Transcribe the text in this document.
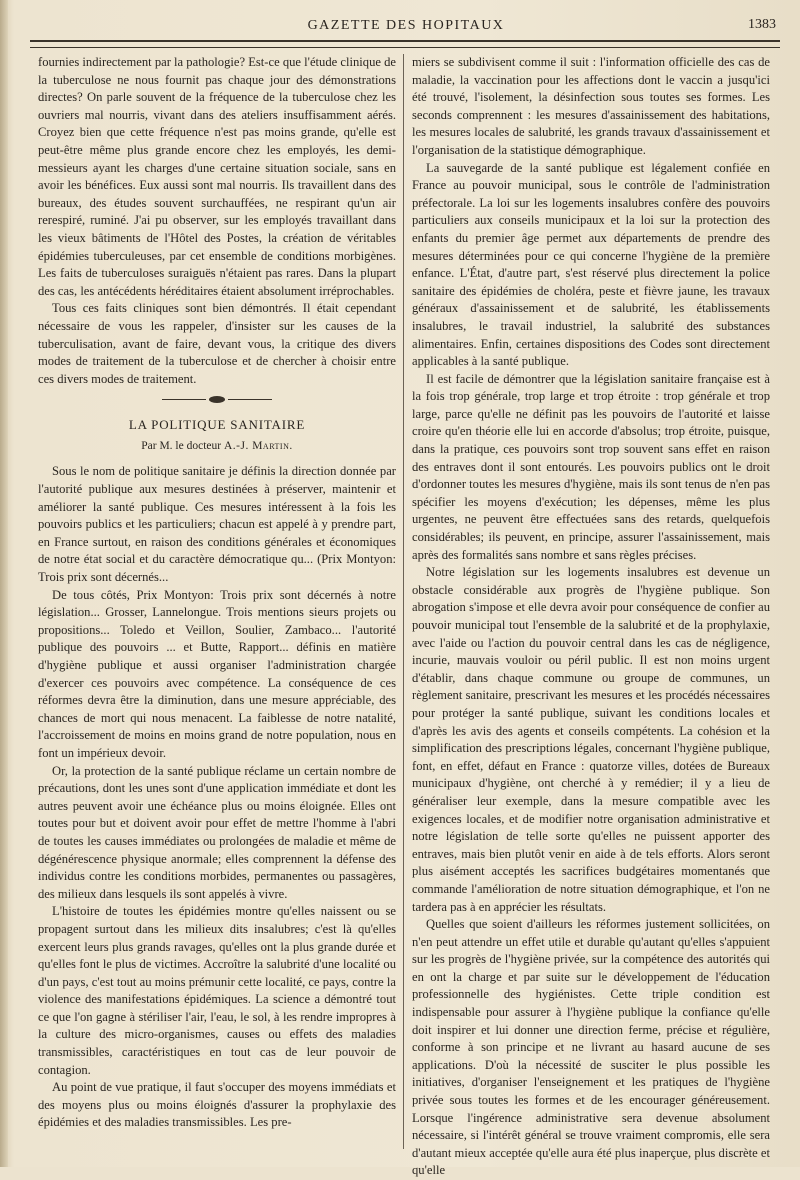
GAZETTE DES HOPITAUX	1383

fournies indirectement par la pathologie? Est-ce que l'étude clinique de la tuberculose ne nous fournit pas chaque jour des démonstrations directes? On parle souvent de la fréquence de la tuberculose chez les ouvriers mal nourris, vivant dans des ateliers insuffisamment aérés. Croyez bien que cette fréquence n'est pas moins grande, qu'elle est peut-être même plus grande encore chez les employés, les demi-messieurs ayant les charges d'une certaine situation sociale, sans en avoir les bénéfices. Eux aussi sont mal nourris. Ils travaillent dans des bureaux, des études souvent surchauffées, ne respirant qu'un air rerespiré, ruminé. J'ai pu observer, sur les employés travaillant dans les vieux bâtiments de l'Hôtel des Postes, la création de véritables épidémies tuberculeuses, par cet ensemble de conditions morbigènes. Les faits de tuberculoses suraiguës n'étaient pas rares. Dans la plupart des cas, les antécédents héréditaires étaient absolument irréprochables.

Tous ces faits cliniques sont bien démontrés. Il était cependant nécessaire de vous les rappeler, d'insister sur les causes de la tuberculisation, avant de faire, devant vous, la critique des divers modes de traitement de la tuberculose et de chercher à choisir entre ces divers modes de traitement.

LA POLITIQUE SANITAIRE
Par M. le docteur A.-J. Martin.

Sous le nom de politique sanitaire je définis la direction donnée par l'autorité publique aux mesures destinées à préserver, maintenir et améliorer la santé publique. Ces mesures intéressent à la fois les pouvoirs publics et les particuliers; chacun est appelé à y prendre part, en France surtout, en raison des conditions générales et économiques de notre état social et du caractère démocratique qu... (Prix Montyon: Trois prix sont décernés...

De tous côtés, Prix Montyon: Trois prix sont décernés à notre législation... Grosser, Lannelongue. Trois mentions sieurs projets ou propositions... Toledo et Veillon, Soulier, Zambaco... l'autorité publique des pouvoirs ... et Butte, Rapport... définis en matière d'hygiène publique et aussi organiser l'administration chargée d'exercer ces pouvoirs avec compétence. La conséquence de ces réformes devra être la diminution, dans une mesure appréciable, des chances de mort qui nous menacent. La faiblesse de notre natalité, l'accroissement de moins en moins grand de notre population, nous en font un impérieux devoir.

Or, la protection de la santé publique réclame un certain nombre de précautions, dont les unes sont d'une application immédiate et dont les autres peuvent avoir une échéance plus ou moins éloignée. Elles ont toutes pour but et doivent avoir pour effet de mettre l'homme à l'abri de toutes les causes immédiates ou prolongées de maladie et même de dégénérescence physique anormale; elles comprennent la défense des individus contre les conditions morbides, permanentes ou passagères, des milieux dans lesquels ils sont appelés à vivre.

L'histoire de toutes les épidémies montre qu'elles naissent ou se propagent surtout dans les milieux dits insalubres; c'est là qu'elles exercent leurs plus grands ravages, qu'elles ont la plus grande durée et qu'elles font le plus de victimes. Accroître la salubrité d'une localité ou d'un pays, c'est tout au moins prémunir cette localité, ce pays, contre la violence des manifestations épidémiques. La science a démontré tout ce que l'on gagne à stériliser l'air, l'eau, le sol, à les rendre impropres à la culture des micro-organismes, causes ou effets des maladies transmissibles, caractéristiques en tout cas de leur pouvoir de contagion.

Au point de vue pratique, il faut s'occuper des moyens immédiats et des moyens plus ou moins éloignés d'assurer la prophylaxie des épidémies et des maladies transmissibles. Les pre-

miers se subdivisent comme il suit : l'information officielle des cas de maladie, la vaccination pour les affections dont le vaccin a jusqu'ici été trouvé, l'isolement, la désinfection sous toutes ses formes. Les seconds comprennent : les mesures d'assainissement des habitations, les mesures locales de salubrité, les grands travaux d'assainissement et l'organisation de la statistique démographique.

La sauvegarde de la santé publique est légalement confiée en France au pouvoir municipal, sous le contrôle de l'administration préfectorale. La loi sur les logements insalubres confère des pouvoirs particuliers aux conseils municipaux et la loi sur la protection des enfants du premier âge permet aux départements de prendre des mesures déterminées pour ce qui concerne l'hygiène de la première enfance. L'État, d'autre part, s'est réservé plus directement la police sanitaire des épidémies de choléra, peste et fièvre jaune, les travaux généraux d'assainissement et de salubrité, les établissements insalubres, le travail industriel, la salubrité des substances alimentaires. Enfin, certaines dispositions des Codes sont directement applicables à la santé publique.

Il est facile de démontrer que la législation sanitaire française est à la fois trop générale, trop large et trop étroite : trop générale et trop large, parce qu'elle ne définit pas les pouvoirs de l'autorité et laisse croire qu'en théorie elle lui en accorde d'absolus; trop étroite, puisque, dans la pratique, ces pouvoirs sont trop souvent sans effet en raison des entraves dont il sont entourés. Les pouvoirs publics ont le droit d'ordonner toutes les mesures d'hygiène, mais ils sont tenus de n'en pas spécifier les moyens d'exécution; les dépenses, même les plus urgentes, ne peuvent être effectuées sans des retards, quelquefois considérables; ils peuvent, en principe, assurer l'assainissement, mais après des formalités sans nombre et sans règles précises.

Notre législation sur les logements insalubres est devenue un obstacle considérable aux progrès de l'hygiène publique. Son abrogation s'impose et elle devra avoir pour conséquence de confier au pouvoir municipal tout l'ensemble de la salubrité et de la prophylaxie, avec l'aide ou l'action du pouvoir central dans les cas de négligence, incurie, mauvais vouloir ou péril public. Il est non moins urgent d'établir, dans chaque commune ou groupe de communes, un règlement sanitaire, prescrivant les mesures et les procédés nécessaires pour protéger la santé publique, suivant les conditions locales et d'après les avis des agents et conseils compétents. La cohésion et la simplification des prescriptions légales, concernant l'hygiène publique, font, en effet, défaut en France : quatorze villes, dotées de Bureaux municipaux d'hygiène, ont cherché à y remédier; il y a lieu de généraliser leur exemple, dans la mesure compatible avec les exigences locales, et de modifier notre organisation administrative et notre législation de telle sorte qu'elles ne puissent apporter des entraves, mais bien plutôt venir en aide à de tels efforts. Alors seront plus aisément acceptés les sacrifices budgétaires momentanés que commande l'amélioration de notre situation démographique, et l'on ne tardera pas à en apprécier les résultats.

Quelles que soient d'ailleurs les réformes justement sollicitées, on n'en peut attendre un effet utile et durable qu'autant qu'elles s'appuient sur les progrès de l'hygiène privée, sur la compétence des autorités qui en ont la charge et par suite sur le développement de l'éducation professionnelle des hygiénistes. Cette triple condition est indispensable pour assurer à l'hygiène publique la confiance qu'elle doit inspirer et lui donner une direction ferme, précise et régulière, conforme à son principe et ne livrant au hasard aucune de ses applications. D'où la nécessité de susciter le plus possible les initiatives, d'organiser l'enseignement et les pratiques de l'hygiène privée sous toutes les formes et de les encourager généreusement. Lorsque l'ingérence administrative sera devenue absolument nécessaire, si l'intérêt général se trouve vraiment compromis, elle sera d'autant mieux acceptée qu'elle aura été plus inaperçue, plus discrète et qu'elle
